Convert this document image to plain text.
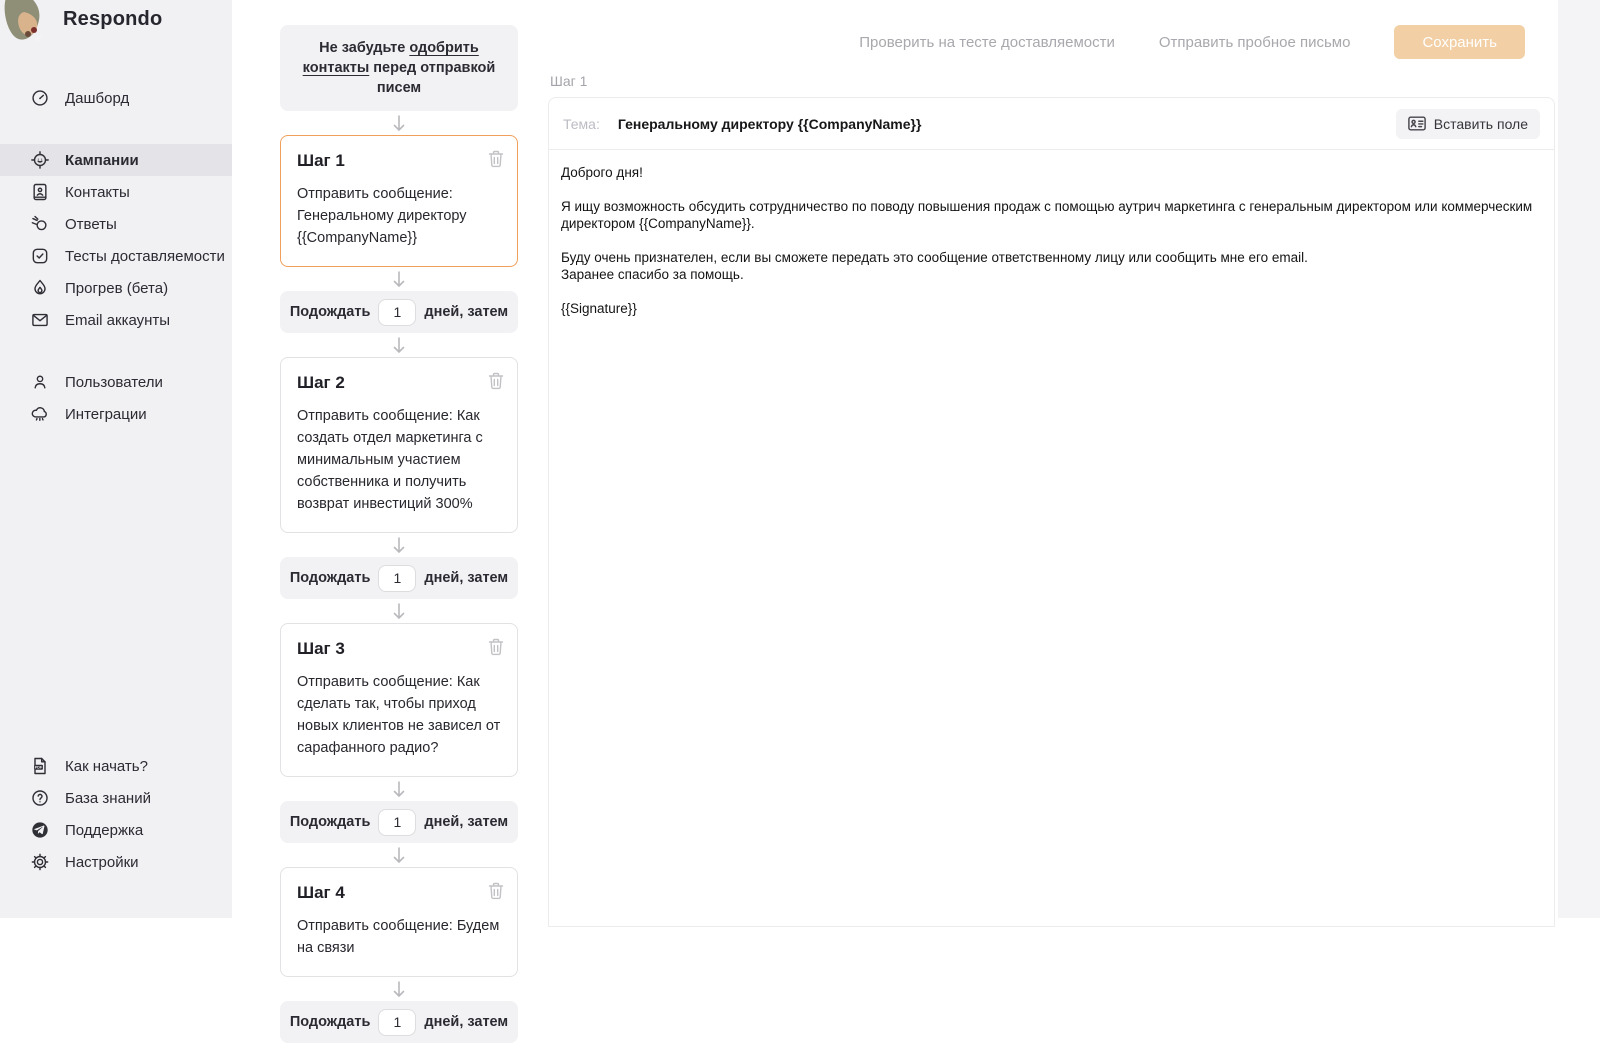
Respondo
Дашборд
Кампании
Контакты
Ответы
Тесты доставляемости
Прогрев (бета)
Email аккаунты
Пользователи
Интеграции
PDF Как начать?
База знаний
Поддержка
Настройки
Не забудьте одобрить контакты перед отправкой писем
Шаг 1
Отправить сообщение: Генеральному директору {{CompanyName}}
Подождать
1	дней, затем
Шаг 2
Отправить сообщение: Как создать отдел маркетинга с минимальным участием собственника и получить возврат инвестиций 300%
Подождать
1	дней, затем
Шаг 3
Отправить сообщение: Как сделать так, чтобы приход новых клиентов не зависел от сарафанного радио?
Подождать
1	дней, затем
Шаг 4
Отправить сообщение: Будем на связи
Подождать
1	дней, затем
Проверить на тесте доставляемости	Отправить пробное письмо	Сохранить
Шаг 1
Тема: Генеральному директору {{CompanyName}}	Вставить поле
Доброго дня!
Я ищу возможность обсудить сотрудничество по поводу повышения продаж с помощью аутрич маркетинга с генеральным директором или коммерческим директором {{CompanyName}}.
Буду очень признателен, если вы сможете передать это сообщение ответственному лицу или сообщить мне его email.
Заранее спасибо за помощь.
{{Signature}}
